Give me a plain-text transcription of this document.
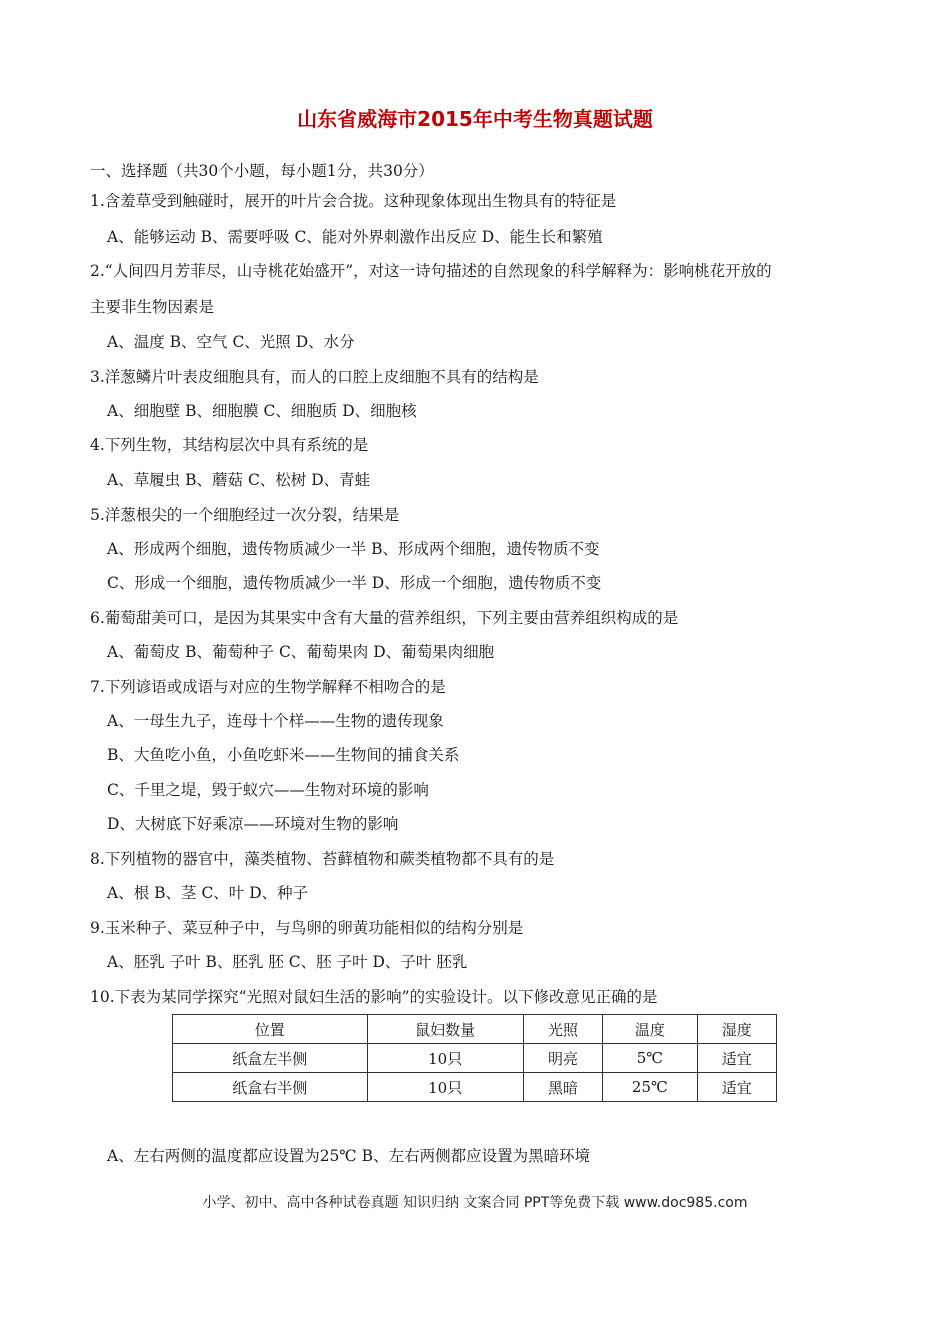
山东省威海市2015年中考生物真题试题
一、选择题（共30个小题，每小题1分，共30分）
1.含羞草受到触碰时，展开的叶片会合拢。这种现象体现出生物具有的特征是
A、能够运动 B、需要呼吸 C、能对外界刺激作出反应 D、能生长和繁殖
2.“人间四月芳菲尽，山寺桃花始盛开”，对这一诗句描述的自然现象的科学解释为：影响桃花开放的
主要非生物因素是
A、温度 B、空气 C、光照 D、水分
3.洋葱鳞片叶表皮细胞具有，而人的口腔上皮细胞不具有的结构是
A、细胞壁 B、细胞膜 C、细胞质 D、细胞核
4.下列生物，其结构层次中具有系统的是
A、草履虫 B、蘑菇 C、松树 D、青蛙
5.洋葱根尖的一个细胞经过一次分裂，结果是
A、形成两个细胞，遗传物质减少一半 B、形成两个细胞，遗传物质不变
C、形成一个细胞，遗传物质减少一半 D、形成一个细胞，遗传物质不变
6.葡萄甜美可口，是因为其果实中含有大量的营养组织，下列主要由营养组织构成的是
A、葡萄皮 B、葡萄种子 C、葡萄果肉 D、葡萄果肉细胞
7.下列谚语或成语与对应的生物学解释不相吻合的是
A、一母生九子，连母十个样——生物的遗传现象
B、大鱼吃小鱼，小鱼吃虾米——生物间的捕食关系
C、千里之堤，毁于蚁穴——生物对环境的影响
D、大树底下好乘凉——环境对生物的影响
8.下列植物的器官中，藻类植物、苔藓植物和蕨类植物都不具有的是
A、根 B、茎 C、叶 D、种子
9.玉米种子、菜豆种子中，与鸟卵的卵黄功能相似的结构分别是
A、胚乳 子叶 B、胚乳 胚 C、胚 子叶 D、子叶 胚乳
10.下表为某同学探究“光照对鼠妇生活的影响”的实验设计。以下修改意见正确的是
位置	鼠妇数量	光照	温度	湿度
纸盒左半侧	10只	明亮	5℃	适宜
纸盒右半侧	10只	黑暗	25℃	适宜
A、左右两侧的温度都应设置为25℃ B、左右两侧都应设置为黑暗环境
小学、初中、高中各种试卷真题 知识归纳 文案合同 PPT等免费下载 www.doc985.com
